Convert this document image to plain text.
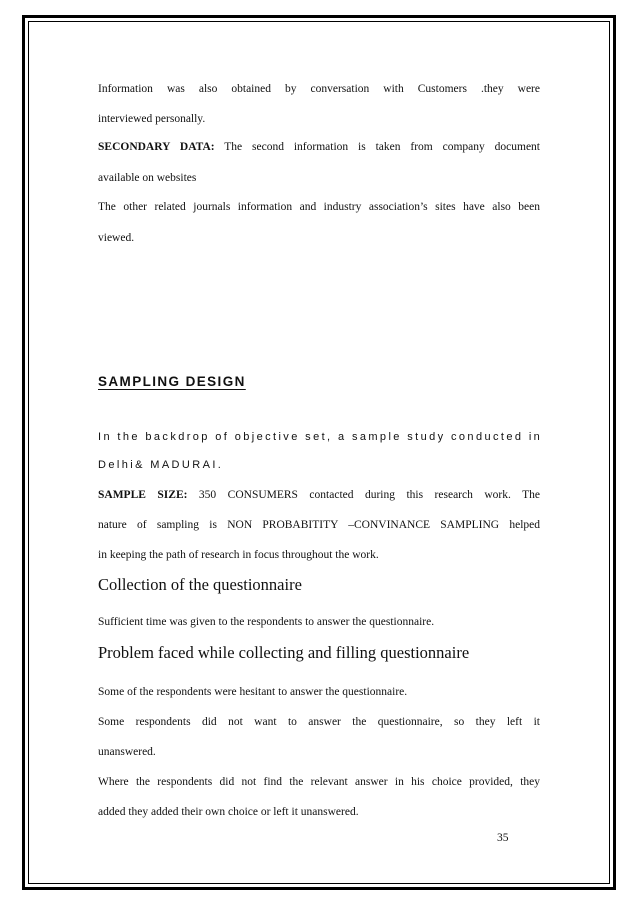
Information was also obtained by conversation with Customers .they were

interviewed personally.

SECONDARY DATA: The second information is taken from company document

available on websites

The other related journals information and industry association’s sites have also been

viewed.

SAMPLING DESIGN

In the backdrop of objective set, a sample study conducted in

Delhi& MADURAI.

SAMPLE SIZE: 350 CONSUMERS contacted during this research work. The

nature of sampling is NON PROBABITITY –CONVINANCE SAMPLING helped

in keeping the path of research in focus throughout the work.

Collection of the questionnaire

Sufficient time was given to the respondents to answer the questionnaire.

Problem faced while collecting and filling questionnaire

Some of the respondents were hesitant to answer the questionnaire.

Some respondents did not want to answer the questionnaire, so they left it

unanswered.

Where the respondents did not find the relevant answer in his choice provided, they

added they added their own choice or left it unanswered.

35
